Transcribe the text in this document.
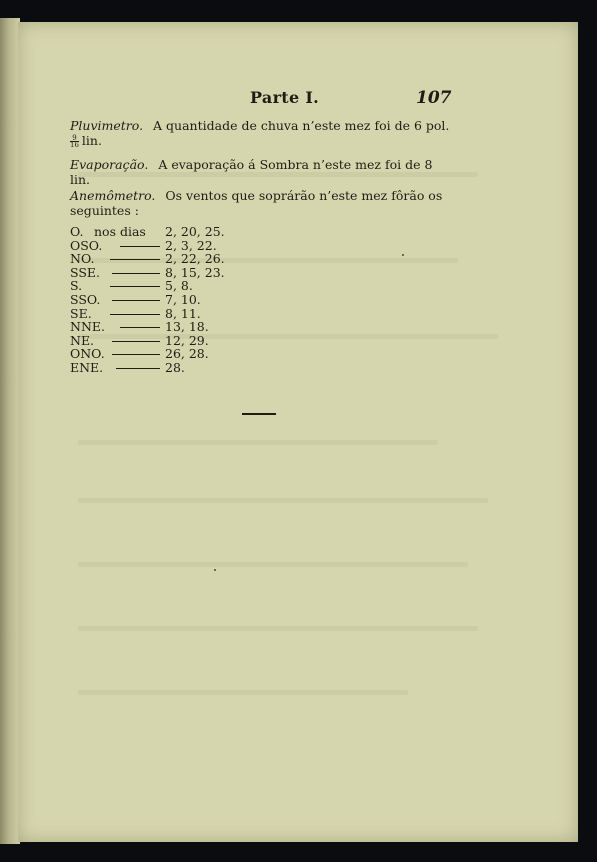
Parte I.	107
Pluvimetro. A quantidade de chuva n’este mez foi de 6 pol.

$\frac{9}{16}$ lin.
Evaporação. A evaporação á Sombra n’este mez foi de 8 lin.
Anemômetro. Os ventos que soprárão n’este mez fôrão os
seguintes :
O. nos dias 2, 20, 25.
OSO.	2, 3, 22.
NO.	2, 22, 26.
SSE.	8, 15, 23.
S.	5, 8.
SSO.	7, 10.
SE.	8, 11.
NNE.	13, 18.
NE.	12, 29.
ONO.	26, 28.
ENE.	28.
